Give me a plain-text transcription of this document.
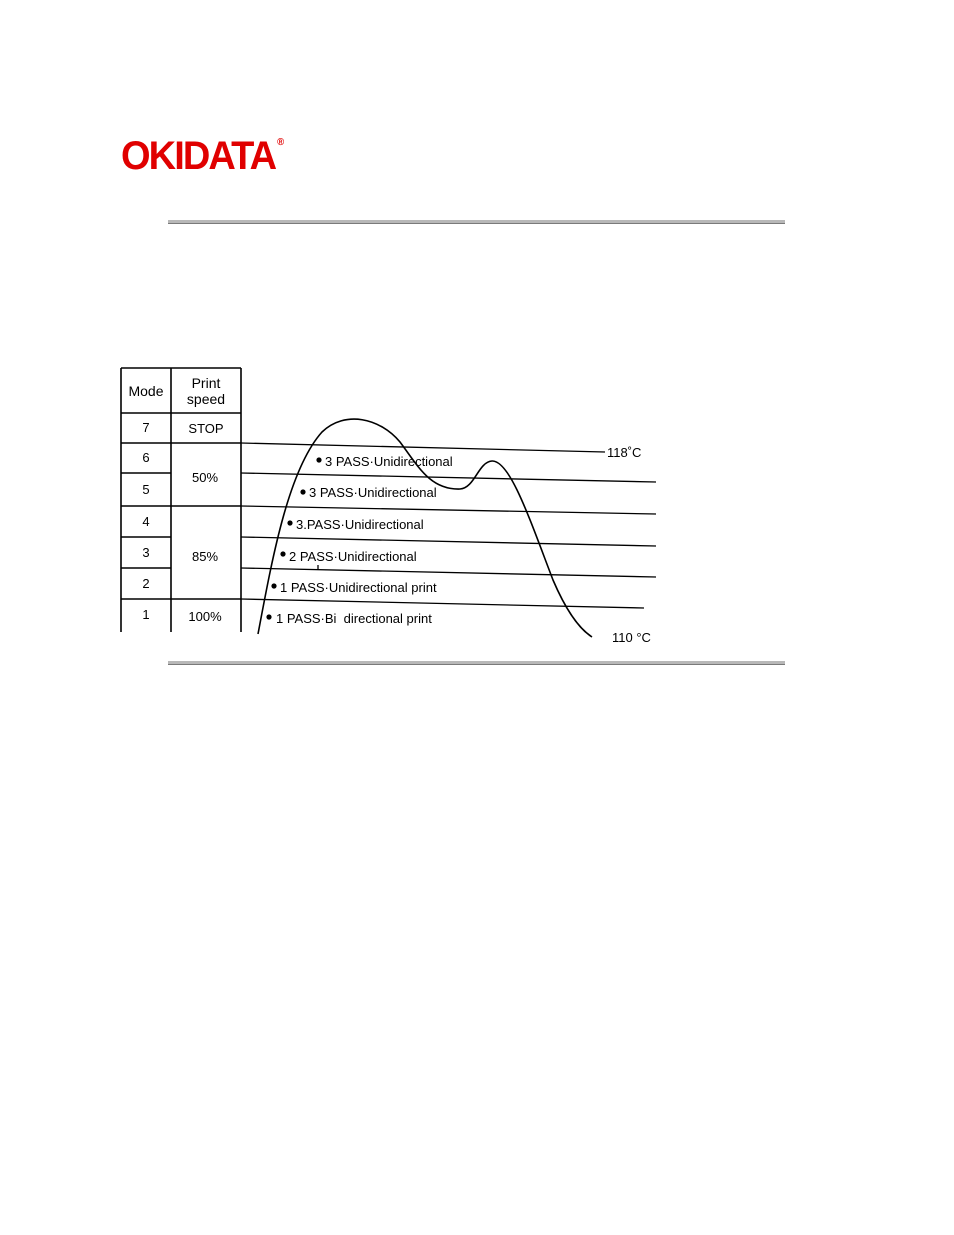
OKIDATA ®
Mode Print
speed
7
6
5
4
3
2
1
STOP
50%
85%
100%
3 PASS·Unidirectional
3 PASS·Unidirectional
3.PASS·Unidirectional
2 PASS·Unidirectional
1 PASS·Unidirectional print
1 PASS·Bi  directional print
118˚C
110 °C
